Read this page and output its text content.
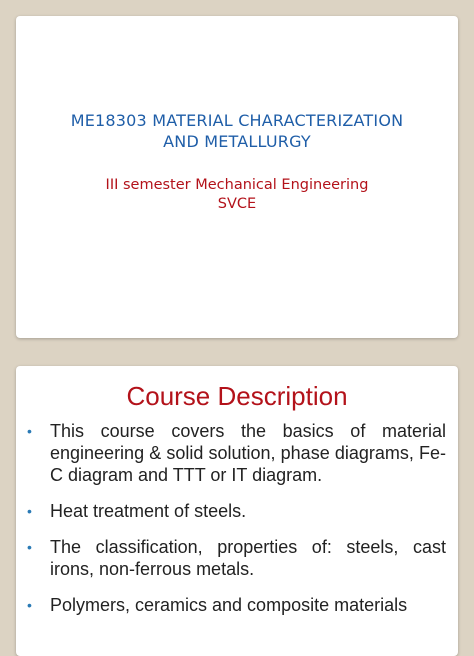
ME18303 MATERIAL CHARACTERIZATION
AND METALLURGY
III semester Mechanical Engineering
SVCE
Course Description
• This course covers the basics of material engineering & solid solution, phase diagrams, Fe-C diagram and TTT or IT diagram.
• Heat treatment of steels.
• The classification, properties of: steels, cast irons, non-ferrous metals.
• Polymers, ceramics and composite materials
